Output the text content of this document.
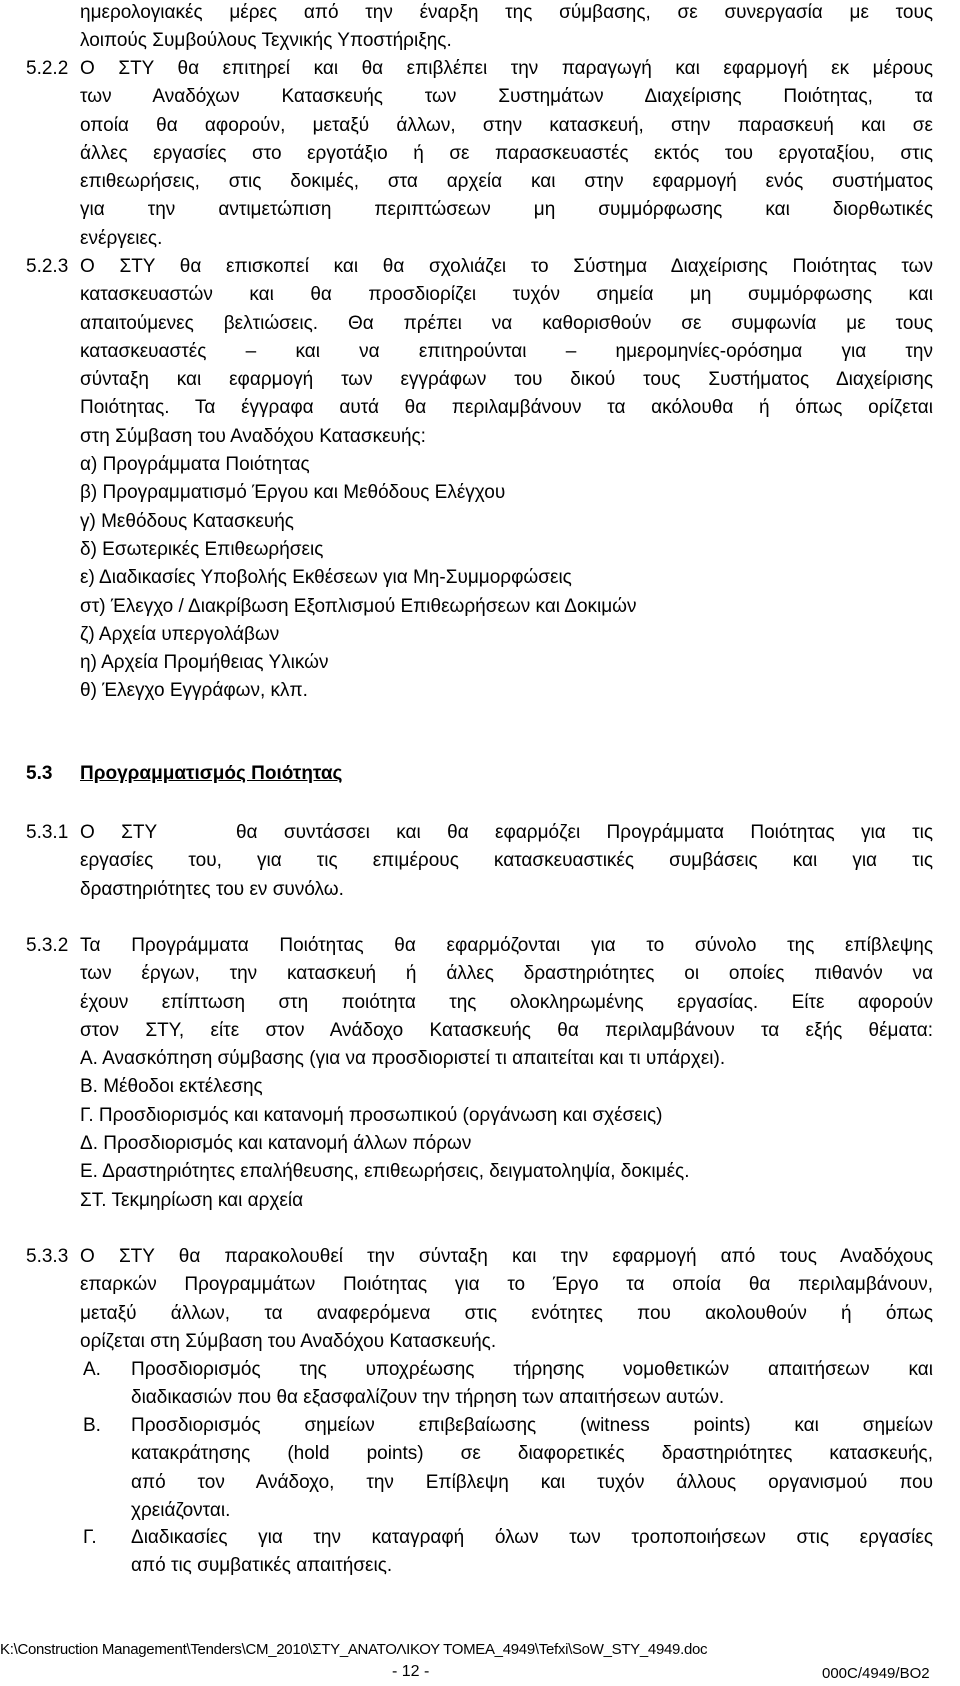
ημερολογιακές μέρες από την έναρξη της σύμβασης, σε συνεργασία με τους
λοιπούς Συμβούλους Τεχνικής Υποστήριξης.
5.2.2 Ο ΣΤΥ θα επιτηρεί και θα επιβλέπει την παραγωγή και εφαρμογή εκ μέρους
των Αναδόχων Κατασκευής των Συστημάτων Διαχείρισης Ποιότητας, τα
οποία θα αφορούν, μεταξύ άλλων, στην κατασκευή, στην παρασκευή και σε
άλλες εργασίες στο εργοτάξιο ή σε παρασκευαστές εκτός του εργοταξίου, στις
επιθεωρήσεις, στις δοκιμές, στα αρχεία και στην εφαρμογή ενός συστήματος
για την αντιμετώπιση περιπτώσεων μη συμμόρφωσης και διορθωτικές
ενέργειες.
5.2.3 Ο ΣΤΥ θα επισκοπεί και θα σχολιάζει το Σύστημα Διαχείρισης Ποιότητας των
κατασκευαστών και θα προσδιορίζει τυχόν σημεία μη συμμόρφωσης και
απαιτούμενες βελτιώσεις. Θα πρέπει να καθορισθούν σε συμφωνία με τους
κατασκευαστές – και να επιτηρούνται – ημερομηνίες-ορόσημα για την
σύνταξη και εφαρμογή των εγγράφων του δικού τους Συστήματος Διαχείρισης
Ποιότητας. Τα έγγραφα αυτά θα περιλαμβάνουν τα ακόλουθα ή όπως ορίζεται
στη Σύμβαση του Αναδόχου Κατασκευής:
α) Προγράμματα Ποιότητας
β) Προγραμματισμό Έργου και Μεθόδους Ελέγχου
γ) Μεθόδους Κατασκευής
δ) Εσωτερικές Επιθεωρήσεις
ε) Διαδικασίες Υποβολής Εκθέσεων για Μη-Συμμορφώσεις
στ) Έλεγχο / Διακρίβωση Εξοπλισμού Επιθεωρήσεων και Δοκιμών
ζ) Αρχεία υπεργολάβων
η) Αρχεία Προμήθειας Υλικών
θ) Έλεγχο Εγγράφων, κλπ.
5.3 Προγραμματισμός Ποιότητας
5.3.1 Ο ΣΤΥ   θα συντάσσει και θα εφαρμόζει Προγράμματα Ποιότητας για τις
εργασίες του, για τις επιμέρους κατασκευαστικές συμβάσεις και για τις
δραστηριότητες του εν συνόλω.
5.3.2 Τα Προγράμματα Ποιότητας θα εφαρμόζονται για το σύνολο της επίβλεψης
των έργων, την κατασκευή ή άλλες δραστηριότητες οι οποίες πιθανόν να
έχουν επίπτωση στη ποιότητα της ολοκληρωμένης εργασίας. Είτε αφορούν
στον ΣΤΥ, είτε στον Ανάδοχο Κατασκευής θα περιλαμβάνουν τα εξής θέματα:
Α. Ανασκόπηση σύμβασης (για να προσδιοριστεί τι απαιτείται και τι υπάρχει).
Β. Μέθοδοι εκτέλεσης
Γ. Προσδιορισμός και κατανομή προσωπικού (οργάνωση και σχέσεις)
Δ. Προσδιορισμός και κατανομή άλλων πόρων
Ε. Δραστηριότητες επαλήθευσης, επιθεωρήσεις, δειγματοληψία, δοκιμές.
ΣΤ. Τεκμηρίωση και αρχεία
5.3.3 Ο ΣΤΥ θα παρακολουθεί την σύνταξη και την εφαρμογή από τους Αναδόχους
επαρκών Προγραμμάτων Ποιότητας για το Έργο τα οποία θα περιλαμβάνουν,
μεταξύ άλλων, τα αναφερόμενα στις ενότητες που ακολουθούν ή όπως
ορίζεται στη Σύμβαση του Αναδόχου Κατασκευής.
Α. Προσδιορισμός της υποχρέωσης τήρησης νομοθετικών απαιτήσεων και
διαδικασιών που θα εξασφαλίζουν την τήρηση των απαιτήσεων αυτών.
Β. Προσδιορισμός σημείων επιβεβαίωσης (witness points) και σημείων
κατακράτησης (hold points) σε διαφορετικές δραστηριότητες κατασκευής,
από τον Ανάδοχο, την Επίβλεψη και τυχόν άλλους οργανισμού που
χρειάζονται.
Γ. Διαδικασίες για την καταγραφή όλων των τροποποιήσεων στις εργασίες
από τις συμβατικές απαιτήσεις.
K:\Construction Management\Tenders\CM_2010\ΣΤΥ_ΑΝΑΤΟΛΙΚΟΥ ΤΟΜΕΑ_4949\Tefxi\SoW_STY_4949.doc
- 12 -	000C/4949/BO2
